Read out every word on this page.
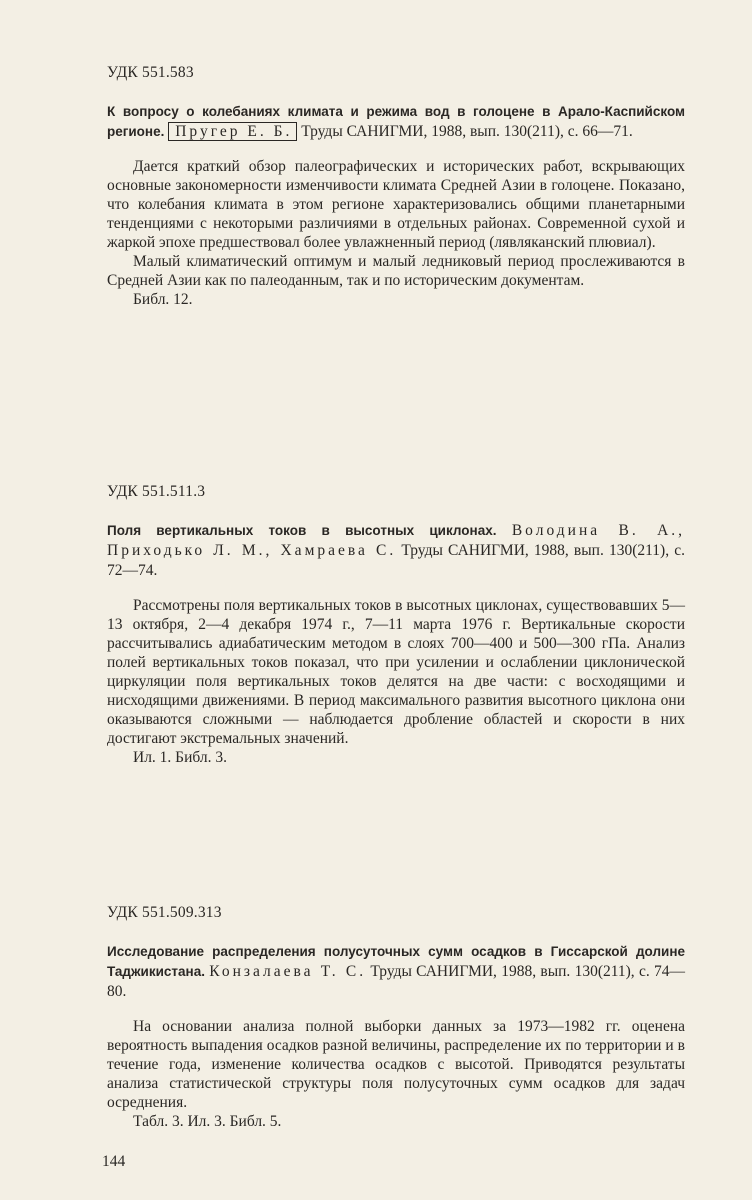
УДК 551.583

К вопросу о колебаниях климата и режима вод в голоцене в Арало-Каспийском регионе. Пругер Е. Б. Труды САНИГМИ, 1988, вып. 130(211), с. 66—71.

Дается краткий обзор палеографических и исторических работ, вскрывающих основные закономерности изменчивости климата Средней Азии в голоцене. Показано, что колебания климата в этом регионе характеризовались общими планетарными тенденциями с некоторыми различиями в отдельных районах. Современной сухой и жаркой эпохе предшествовал более увлажненный период (лявляканский плювиал).

Малый климатический оптимум и малый ледниковый период прослеживаются в Средней Азии как по палеоданным, так и по историческим документам.

Библ. 12.

УДК 551.511.3

Поля вертикальных токов в высотных циклонах. Володина В. А., Приходько Л. М., Хамраева С. Труды САНИГМИ, 1988, вып. 130(211), с. 72—74.

Рассмотрены поля вертикальных токов в высотных циклонах, существовавших 5—13 октября, 2—4 декабря 1974 г., 7—11 марта 1976 г. Вертикальные скорости рассчитывались адиабатическим методом в слоях 700—400 и 500—300 гПа. Анализ полей вертикальных токов показал, что при усилении и ослаблении циклонической циркуляции поля вертикальных токов делятся на две части: с восходящими и нисходящими движениями. В период максимального развития высотного циклона они оказываются сложными — наблюдается дробление областей и скорости в них достигают экстремальных значений.

Ил. 1. Библ. 3.

УДК 551.509.313

Исследование распределения полусуточных сумм осадков в Гиссарской долине Таджикистана. Конзалаева Т. С. Труды САНИГМИ, 1988, вып. 130(211), с. 74—80.

На основании анализа полной выборки данных за 1973—1982 гг. оценена вероятность выпадения осадков разной величины, распределение их по территории и в течение года, изменение количества осадков с высотой. Приводятся результаты анализа статистической структуры поля полусуточных сумм осадков для задач осреднения.

Табл. 3. Ил. 3. Библ. 5.

144
